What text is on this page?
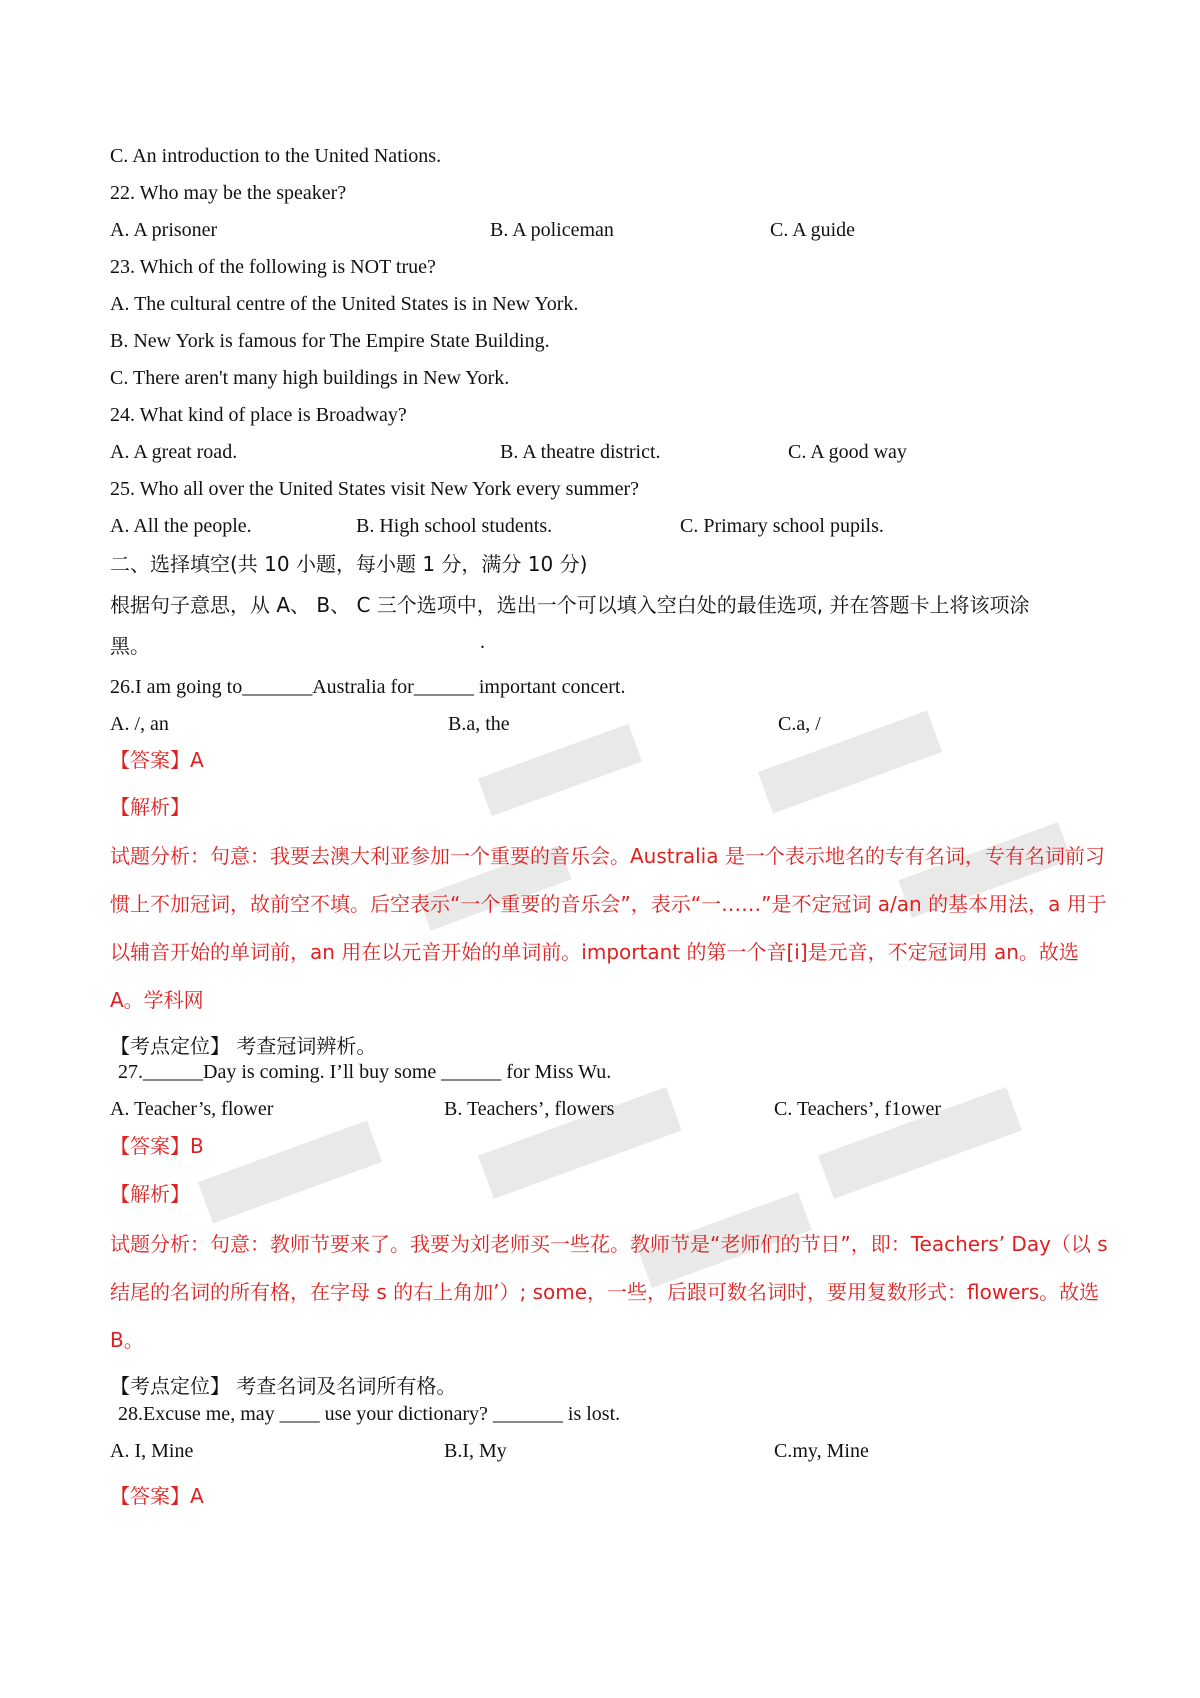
C. An introduction to the United Nations.
22. Who may be the speaker?
A. A prisoner	B. A policeman	C. A guide
23. Which of the following is NOT true?
A. The cultural centre of the United States is in New York.
B. New York is famous for The Empire State Building.
C. There aren't many high buildings in New York.
24. What kind of place is Broadway?
A. A great road.	B. A theatre district.	C. A good way
25. Who all over the United States visit New York every summer?
A. All the people.	B. High school students.	C. Primary school pupils.
二、选择填空(共 10 小题，每小题 1 分，满分 10 分)
根据句子意思，从 A、 B、 C 三个选项中，选出一个可以填入空白处的最佳选项, 并在答题卡上将该项涂
黑。	.
26.I am going to_______Australia for______ important concert.
A. /, an	B.a, the	C.a, /
【答案】A
【解析】
试题分析：句意：我要去澳大利亚参加一个重要的音乐会。Australia 是一个表示地名的专有名词，专有名词前习惯上不加冠词，故前空不填。后空表示“一个重要的音乐会”，表示“一……”是不定冠词 a/an 的基本用法，a 用于以辅音开始的单词前，an 用在以元音开始的单词前。important 的第一个音[i]是元音，不定冠词用 an。故选 A。学科网
【考点定位】 考查冠词辨析。
27.______Day is coming. I’ll buy some ______ for Miss Wu.
A. Teacher’s, flower	B. Teachers’, flowers	C. Teachers’, f1ower
【答案】B
【解析】
试题分析：句意：教师节要来了。我要为刘老师买一些花。教师节是“老师们的节日”，即：Teachers’ Day（以 s 结尾的名词的所有格，在字母 s 的右上角加’）; some，一些，后跟可数名词时，要用复数形式：flowers。故选 B。
【考点定位】 考查名词及名词所有格。
28.Excuse me, may ____ use your dictionary? _______ is lost.
A. I, Mine	B.I, My	C.my, Mine
【答案】A
